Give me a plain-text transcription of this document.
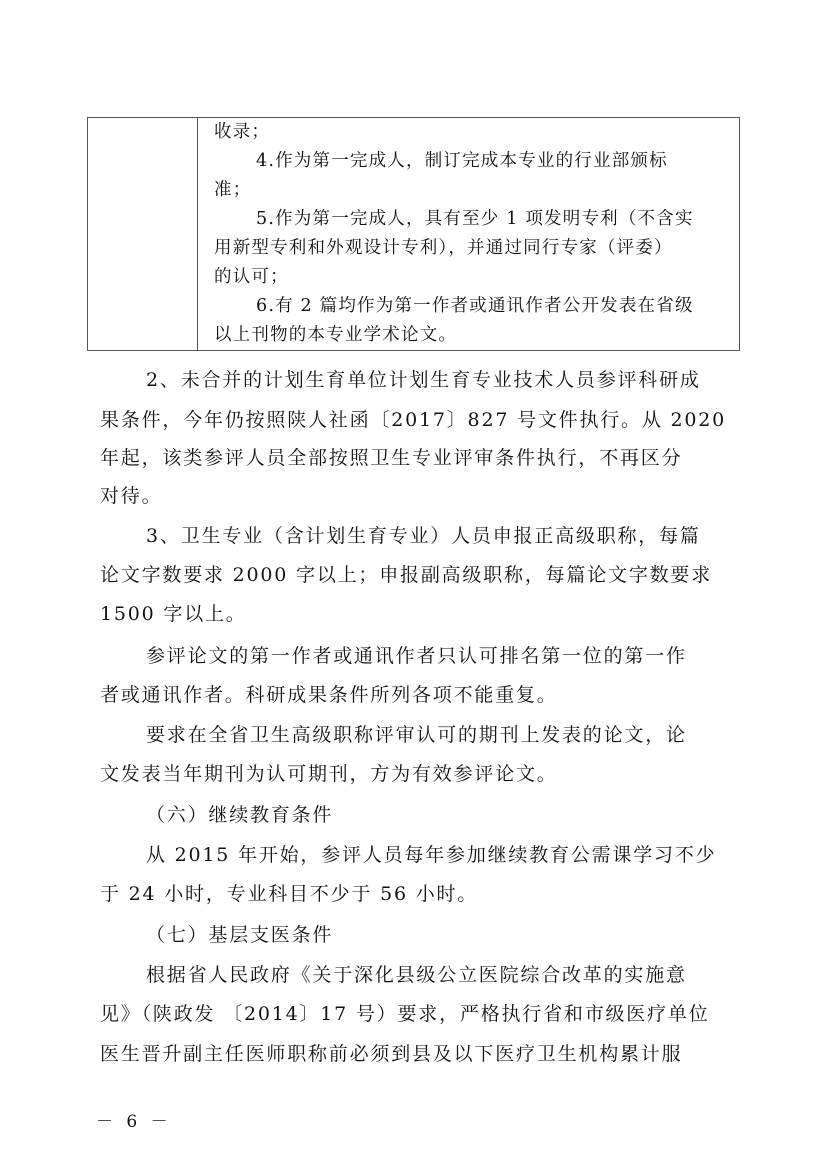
收录；
4.作为第一完成人，制订完成本专业的行业部颁标
准；
5.作为第一完成人，具有至少 1 项发明专利（不含实
用新型专利和外观设计专利），并通过同行专家（评委）
的认可；
6.有 2 篇均作为第一作者或通讯作者公开发表在省级
以上刊物的本专业学术论文。
2、未合并的计划生育单位计划生育专业技术人员参评科研成
果条件，今年仍按照陕人社函〔2017〕827 号文件执行。从 2020
年起，该类参评人员全部按照卫生专业评审条件执行，不再区分
对待。
3、卫生专业（含计划生育专业）人员申报正高级职称，每篇
论文字数要求 2000 字以上；申报副高级职称，每篇论文字数要求
1500 字以上。
参评论文的第一作者或通讯作者只认可排名第一位的第一作
者或通讯作者。科研成果条件所列各项不能重复。
要求在全省卫生高级职称评审认可的期刊上发表的论文，论
文发表当年期刊为认可期刊，方为有效参评论文。
（六）继续教育条件
从 2015 年开始，参评人员每年参加继续教育公需课学习不少
于 24 小时，专业科目不少于 56 小时。
（七）基层支医条件
根据省人民政府《关于深化县级公立医院综合改革的实施意
见》（陕政发 〔2014〕17 号）要求，严格执行省和市级医疗单位
医生晋升副主任医师职称前必须到县及以下医疗卫生机构累计服
－ 6 －
